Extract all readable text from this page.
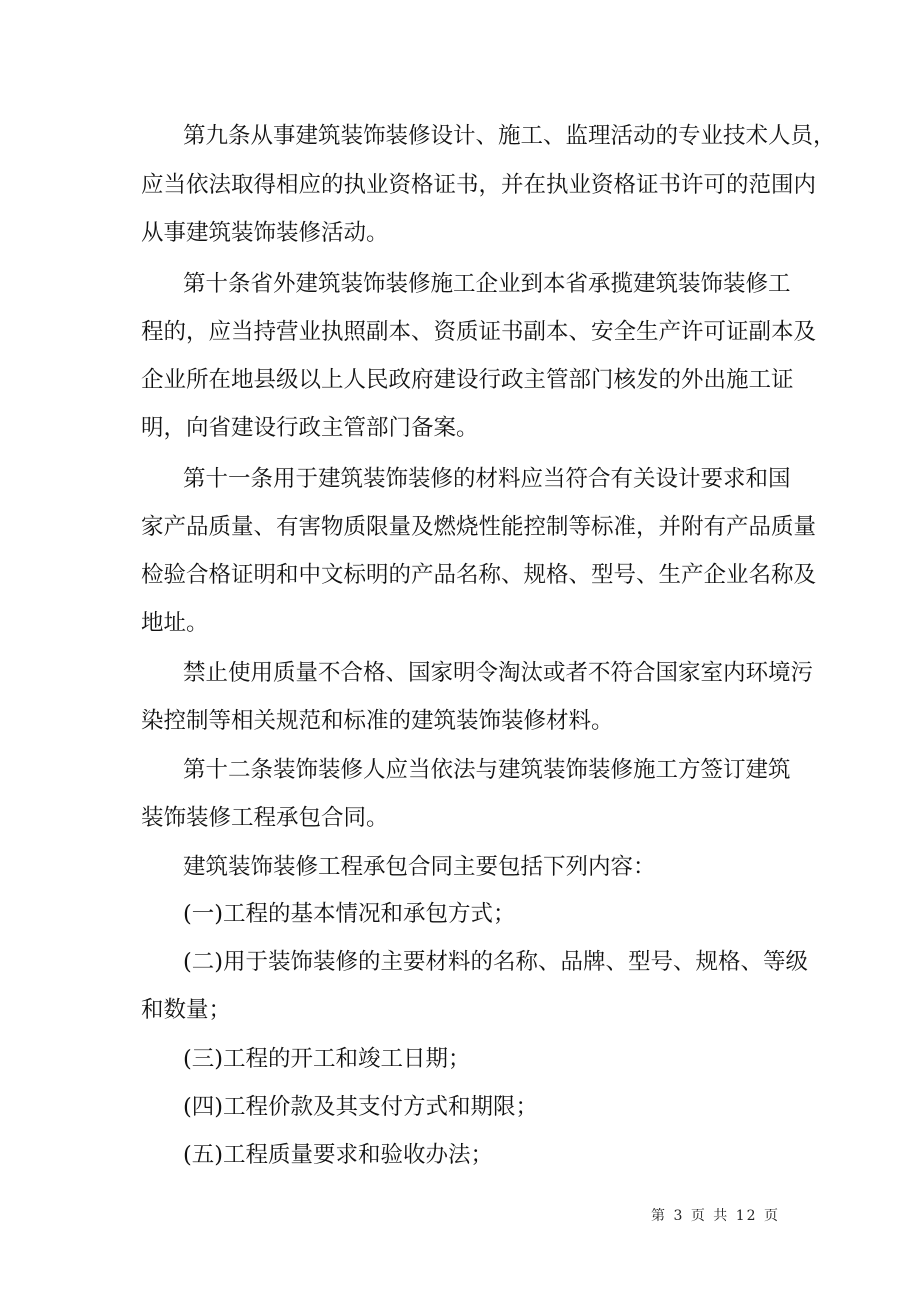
第九条从事建筑装饰装修设计、施工、监理活动的专业技术人员，
应当依法取得相应的执业资格证书，并在执业资格证书许可的范围内
从事建筑装饰装修活动。
第十条省外建筑装饰装修施工企业到本省承揽建筑装饰装修工
程的，应当持营业执照副本、资质证书副本、安全生产许可证副本及
企业所在地县级以上人民政府建设行政主管部门核发的外出施工证
明，向省建设行政主管部门备案。
第十一条用于建筑装饰装修的材料应当符合有关设计要求和国
家产品质量、有害物质限量及燃烧性能控制等标准，并附有产品质量
检验合格证明和中文标明的产品名称、规格、型号、生产企业名称及
地址。
禁止使用质量不合格、国家明令淘汰或者不符合国家室内环境污
染控制等相关规范和标准的建筑装饰装修材料。
第十二条装饰装修人应当依法与建筑装饰装修施工方签订建筑
装饰装修工程承包合同。
建筑装饰装修工程承包合同主要包括下列内容：
(一)工程的基本情况和承包方式；
(二)用于装饰装修的主要材料的名称、品牌、型号、规格、等级
和数量；
(三)工程的开工和竣工日期；
(四)工程价款及其支付方式和期限；
(五)工程质量要求和验收办法；
第 3 页 共 12 页
